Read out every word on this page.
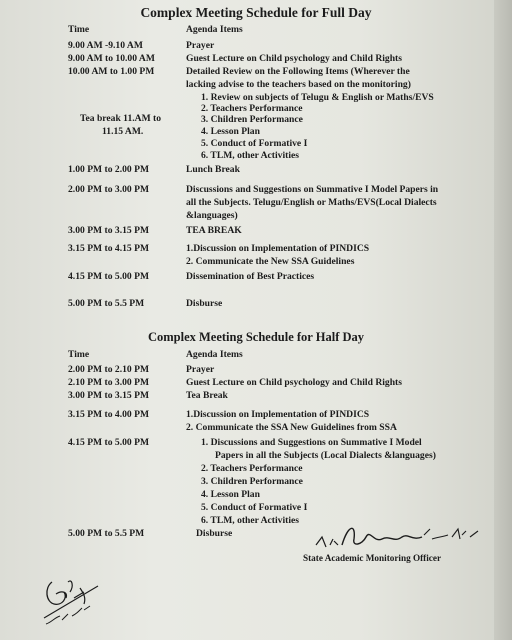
Complex Meeting Schedule for Full Day
Time	Agenda Items
9.00 AM -9.10 AM	Prayer
9.00 AM to 10.00 AM	Guest Lecture on Child psychology and Child Rights
10.00 AM to 1.00 PM	Detailed Review on the Following Items (Wherever the
lacking advise to the teachers based on the monitoring)
1. Review on subjects of Telugu & English or Maths/EVS
2. Teachers Performance
Tea break 11.AM to	3. Children Performance
11.15 AM.	4. Lesson Plan
5. Conduct of Formative I
6. TLM, other Activities
1.00 PM to 2.00 PM	Lunch Break
2.00 PM to 3.00 PM	Discussions and Suggestions on Summative I Model Papers in
all the Subjects. Telugu/English or Maths/EVS(Local Dialects
&languages)
3.00 PM to 3.15 PM	TEA BREAK
3.15 PM to 4.15 PM	1.Discussion on Implementation of PINDICS
2. Communicate the New SSA Guidelines
4.15 PM to 5.00 PM	Dissemination of Best Practices
5.00 PM to 5.5 PM	Disburse
Complex Meeting Schedule for Half Day
Time	Agenda Items
2.00 PM to 2.10 PM	Prayer
2.10 PM to 3.00 PM	Guest Lecture on Child psychology and Child Rights
3.00 PM to 3.15 PM	Tea Break
3.15 PM to 4.00 PM	1.Discussion on Implementation of PINDICS
2. Communicate the SSA New Guidelines from SSA
4.15 PM to 5.00 PM	1. Discussions and Suggestions on Summative I Model
Papers in all the Subjects (Local Dialects &languages)
2. Teachers Performance
3. Children Performance
4. Lesson Plan
5. Conduct of Formative I
6. TLM, other Activities
5.00 PM to 5.5 PM	Disburse
State Academic Monitoring Officer
